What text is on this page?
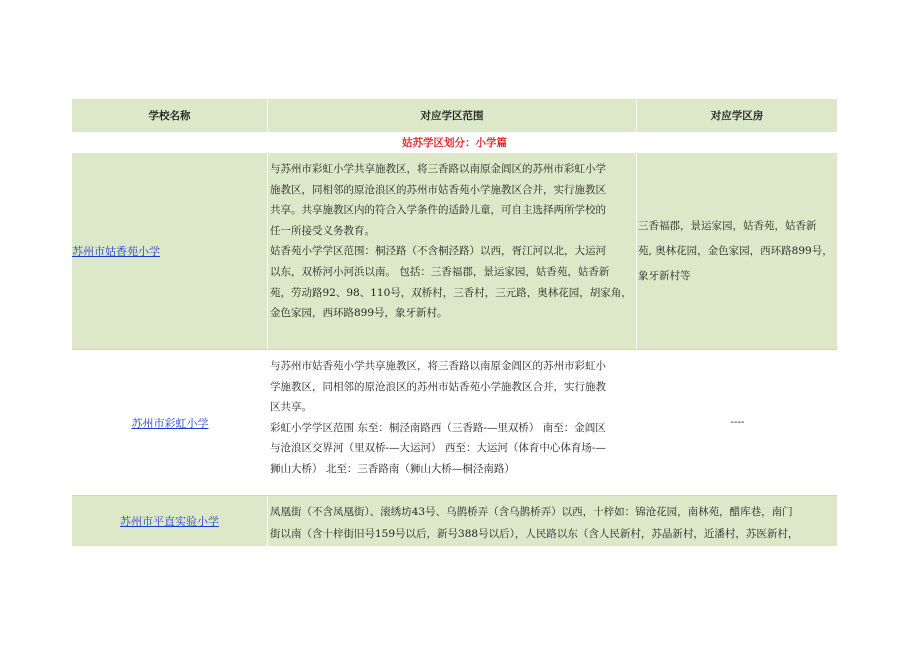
学校名称	对应学区范围	对应学区房
姑苏学区划分：小学篇
苏州市姑香苑小学
与苏州市彩虹小学共享施教区，将三香路以南原金阊区的苏州市彩虹小学
施教区，同相邻的原沧浪区的苏州市姑香苑小学施教区合并，实行施教区
共享。共享施教区内的符合入学条件的适龄儿童，可自主选择两所学校的
任一所接受义务教育。
姑香苑小学学区范围：桐泾路（不含桐泾路）以西，胥江河以北，大运河
以东，双桥河小河浜以南。 包括：三香福郡，景运家园，姑香苑，姑香新
苑，劳动路92、98、110号，双桥村，三香村，三元路，奥林花园，胡家角，
金色家园，西环路899号，象牙新村。
三香福郡，景运家园，姑香苑，姑香新
苑, 奥林花园，金色家园，西环路899号，
象牙新村等
苏州市彩虹小学
与苏州市姑香苑小学共享施教区，将三香路以南原金阊区的苏州市彩虹小
学施教区，同相邻的原沧浪区的苏州市姑香苑小学施教区合并，实行施教
区共享。
彩虹小学学区范围 东至：桐泾南路西（三香路-—里双桥） 南至：金阊区
与沧浪区交界河（里双桥-—大运河） 西至：大运河（体育中心体育场-—
狮山大桥） 北至：三香路南（狮山大桥—桐泾南路）
----
苏州市平直实验小学
凤凰街（不含凤凰街）、滚绣坊43号、乌鹊桥弄（含乌鹊桥弄）以西，十梓如：锦沧花园，南林苑，醋库巷，南门
街以南（含十梓街旧号159号以后，新号388号以后），人民路以东（含人民新村，苏晶新村，近潘村，苏医新村，
